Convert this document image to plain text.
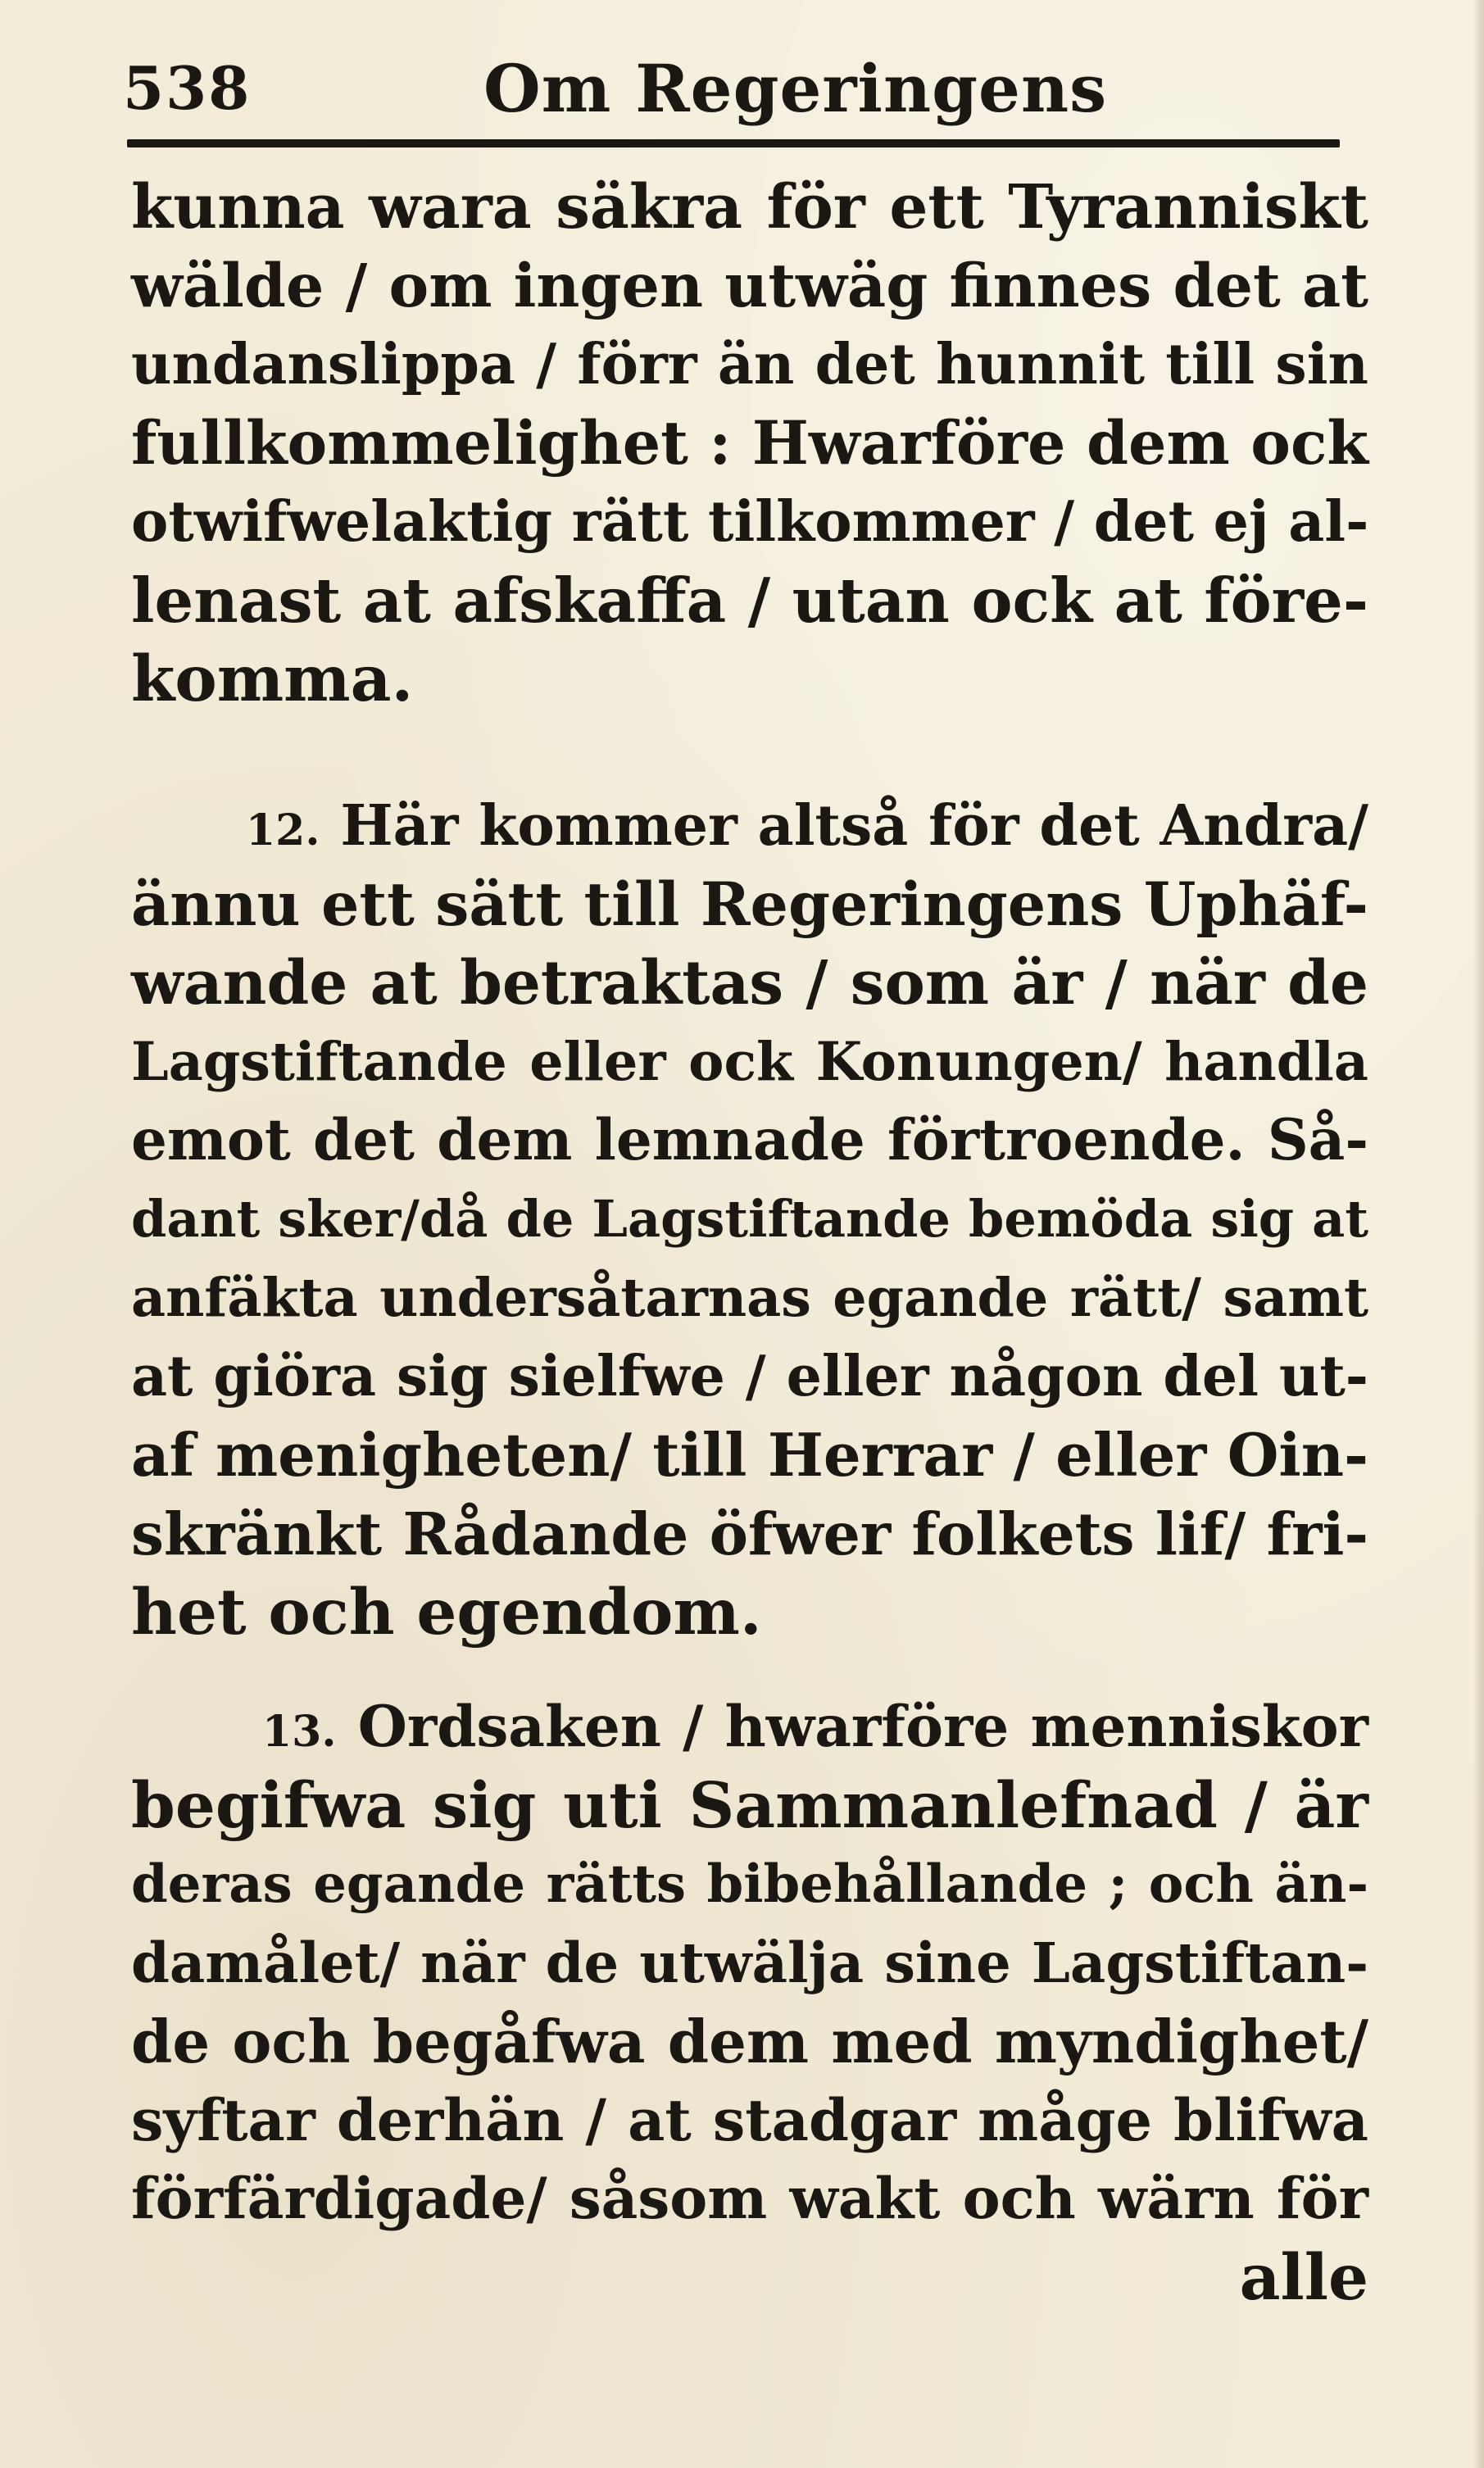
538	Om Regeringens
kunna wara säkra för ett Tyranniskt
wälde / om ingen utwäg finnes det at
undanslippa / förr än det hunnit till sin
fullkommelighet : Hwarföre dem ock
otwifwelaktig rätt tilkommer / det ej al-
lenast at afskaffa / utan ock at före-
komma.
12. Här kommer altså för det Andra/
ännu ett sätt till Regeringens Uphäf-
wande at betraktas / som är / när de
Lagstiftande eller ock Konungen/ handla
emot det dem lemnade förtroende. Så-
dant sker/då de Lagstiftande bemöda sig at
anfäkta undersåtarnas egande rätt/ samt
at giöra sig sielfwe / eller någon del ut-
af menigheten/ till Herrar / eller Oin-
skränkt Rådande öfwer folkets lif/ fri-
het och egendom.
13. Ordsaken / hwarföre menniskor
begifwa sig uti Sammanlefnad / är
deras egande rätts bibehållande ; och än-
damålet/ när de utwälja sine Lagstiftan-
de och begåfwa dem med myndighet/
syftar derhän / at stadgar måge blifwa
förfärdigade/ såsom wakt och wärn för
alle
